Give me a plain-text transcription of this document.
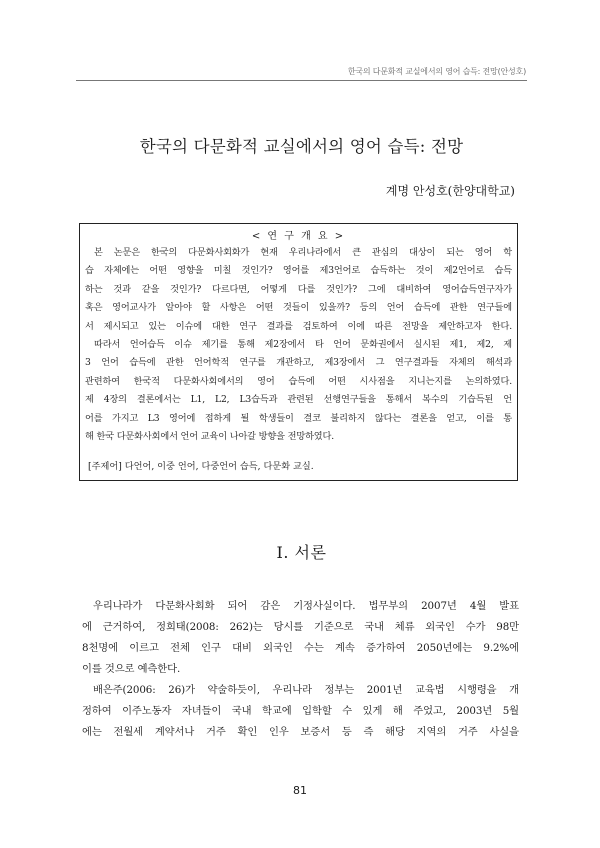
한국의 다문화적 교실에서의 영어 습득: 전망(안성호)
한국의 다문화적 교실에서의 영어 습득: 전망
계명 안성호(한양대학교)
< 연 구 개 요 >
본 논문은 한국의 다문화사회화가 현재 우리나라에서 큰 관심의 대상이 되는 영어 학
습 자체에는 어떤 영향을 미칠 것인가? 영어를 제3언어로 습득하는 것이 제2언어로 습득
하는 것과 같을 것인가? 다르다면, 어떻게 다를 것인가? 그에 대비하여 영어습득연구자가
혹은 영어교사가 알아야 할 사항은 어떤 것들이 있을까? 등의 언어 습득에 관한 연구들에
서 제시되고 있는 이슈에 대한 연구 결과를 검토하여 이에 따른 전망을 제안하고자 한다.
따라서 언어습득 이슈 제기를 통해 제2장에서 타 언어 문화권에서 실시된 제1, 제2, 제
3 언어 습득에 관한 언어학적 연구를 개관하고, 제3장에서 그 연구결과들 자체의 해석과
관련하여 한국적 다문화사회에서의 영어 습득에 어떤 시사점을 지니는지를 논의하였다.
제 4장의 결론에서는 L1, L2, L3습득과 관련된 선행연구들을 통해서 복수의 기습득된 언
어를 가지고 L3 영어에 접하게 될 학생들이 결코 불리하지 않다는 결론을 얻고, 이를 통
해 한국 다문화사회에서 언어 교육이 나아갈 방향을 전망하였다.
[주제어] 다언어, 이중 언어, 다중언어 습득, 다문화 교실.
Ⅰ. 서론
우리나라가 다문화사회화 되어 감은 기정사실이다. 법무부의 2007년 4월 발표
에 근거하여, 정희태(2008: 262)는 당시를 기준으로 국내 체류 외국인 수가 98만
8천명에 이르고 전체 인구 대비 외국인 수는 계속 증가하여 2050년에는 9.2%에
이를 것으로 예측한다.
배은주(2006: 26)가 약술하듯이, 우리나라 정부는 2001년 교육법 시행령을 개
정하여 이주노동자 자녀들이 국내 학교에 입학할 수 있게 해 주었고, 2003년 5월
에는 전월세 계약서나 거주 확인 인우 보증서 등 즉 해당 지역의 거주 사실을
81
